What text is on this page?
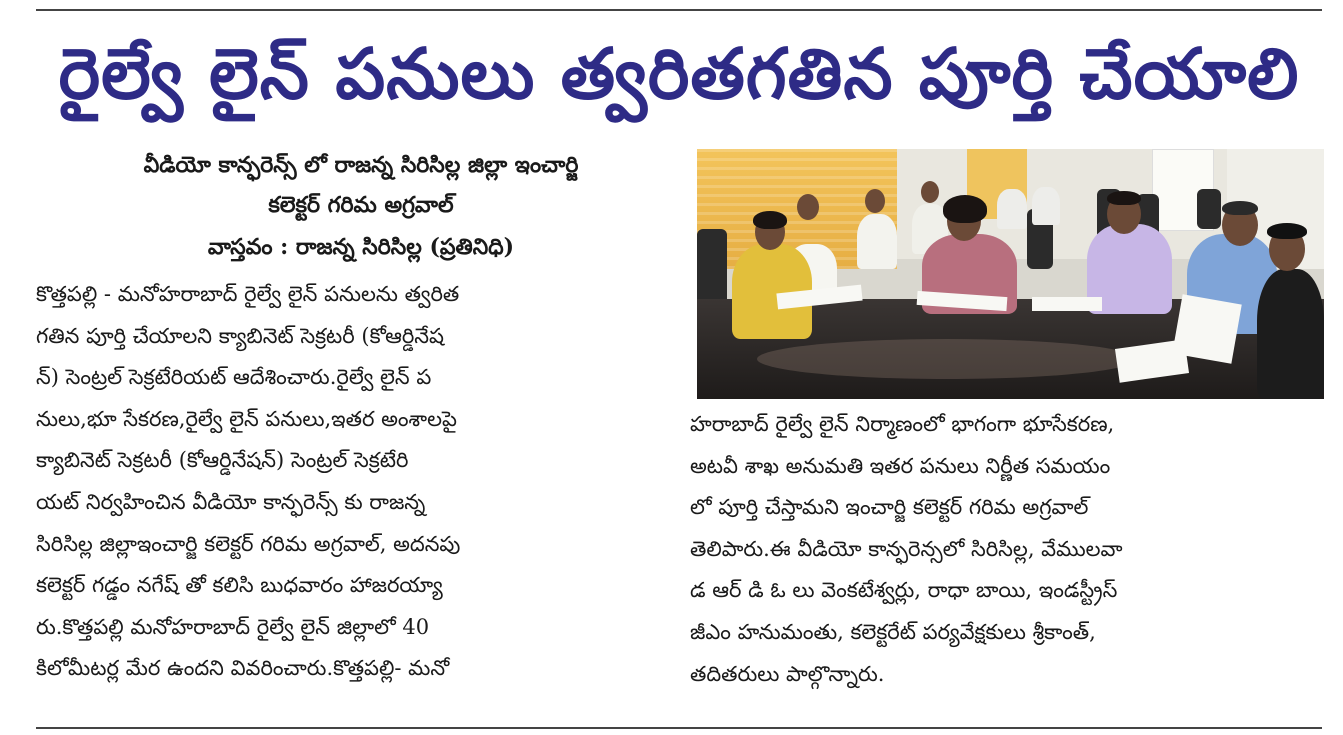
రైల్వే లైన్ పనులు త్వరితగతిన పూర్తి చేయాలి
వీడియో కాన్ఫరెన్స్ లో రాజన్న సిరిసిల్ల జిల్లా ఇంచార్జి
కలెక్టర్ గరిమ అగ్రవాల్
వాస్తవం : రాజన్న సిరిసిల్ల (ప్రతినిధి)
కొత్తపల్లి - మనోహరాబాద్ రైల్వే లైన్ పనులను త్వరిత
గతిన పూర్తి చేయాలని క్యాబినెట్ సెక్రటరీ (కోఆర్డినేష
న్) సెంట్రల్ సెక్రటేరియట్ ఆదేశించారు.రైల్వే లైన్ ప
నులు,భూ సేకరణ,రైల్వే లైన్ పనులు,ఇతర అంశాలపై
క్యాబినెట్ సెక్రటరీ (కోఆర్డినేషన్) సెంట్రల్ సెక్రటేరి
యట్ నిర్వహించిన వీడియో కాన్ఫరెన్స్ కు రాజన్న
సిరిసిల్ల జిల్లాఇంచార్జి కలెక్టర్ గరిమ అగ్రవాల్, అదనపు
కలెక్టర్ గడ్డం నగేష్ తో కలిసి బుధవారం హాజరయ్యా
రు.కొత్తపల్లి మనోహరాబాద్ రైల్వే లైన్ జిల్లాలో 40
కిలోమీటర్ల మేర ఉందని వివరించారు.కొత్తపల్లి- మనో
హరాబాద్ రైల్వే లైన్ నిర్మాణంలో భాగంగా భూసేకరణ,
అటవీ శాఖ అనుమతి ఇతర పనులు నిర్ణీత సమయం
లో పూర్తి చేస్తామని ఇంచార్జి కలెక్టర్ గరిమ అగ్రవాల్
తెలిపారు.ఈ వీడియో కాన్ఫరెన్సలో సిరిసిల్ల, వేములవా
డ ఆర్ డి ఓ లు వెంకటేశ్వర్లు, రాధా బాయి, ఇండస్ట్రీస్
జీఎం హనుమంతు, కలెక్టరేట్ పర్యవేక్షకులు శ్రీకాంత్,
తదితరులు పాల్గొన్నారు.
